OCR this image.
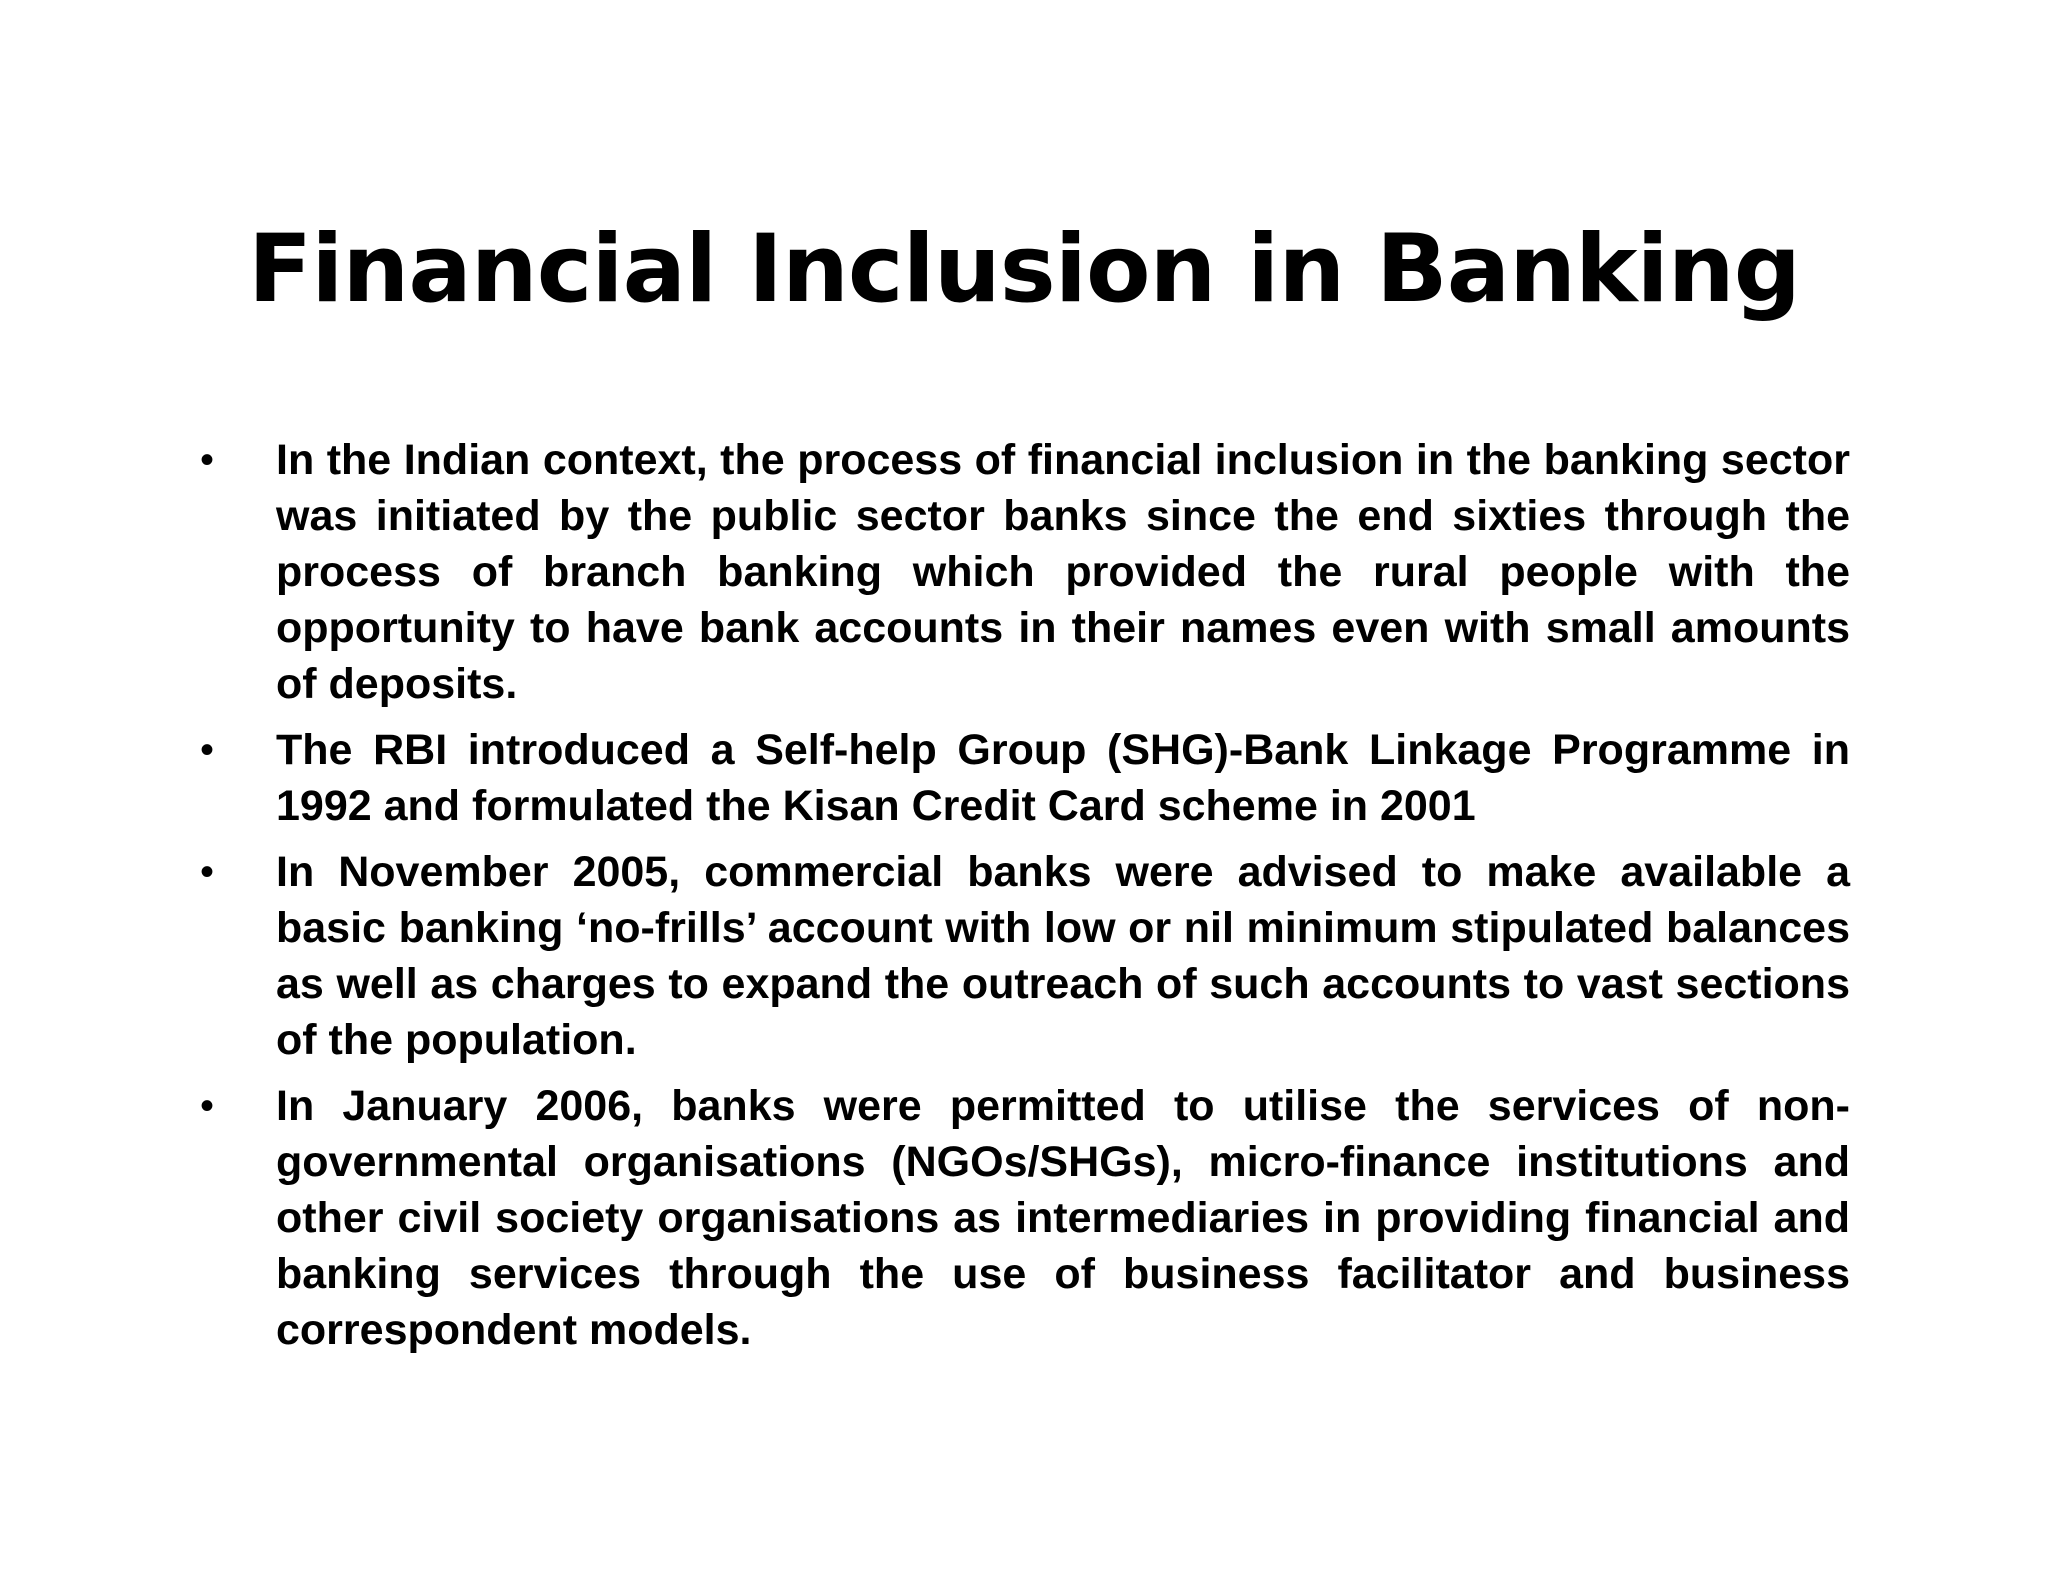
Financial Inclusion in Banking
• In the Indian context, the process of financial inclusion in the banking sector was initiated by the public sector banks since the end sixties through the process of branch banking which provided the rural people with the opportunity to have bank accounts in their names even with small amounts of deposits.
• The RBI introduced a Self-help Group (SHG)-Bank Linkage Programme in 1992 and formulated the Kisan Credit Card scheme in 2001
• In November 2005, commercial banks were advised to make available a basic banking ‘no-frills’ account with low or nil minimum stipulated balances as well as charges to expand the outreach of such accounts to vast sections of the population.
• In January 2006, banks were permitted to utilise the services of non-governmental organisations (NGOs/SHGs), micro-finance institutions and other civil society organisations as intermediaries in providing financial and banking services through the use of business facilitator and business correspondent models.
